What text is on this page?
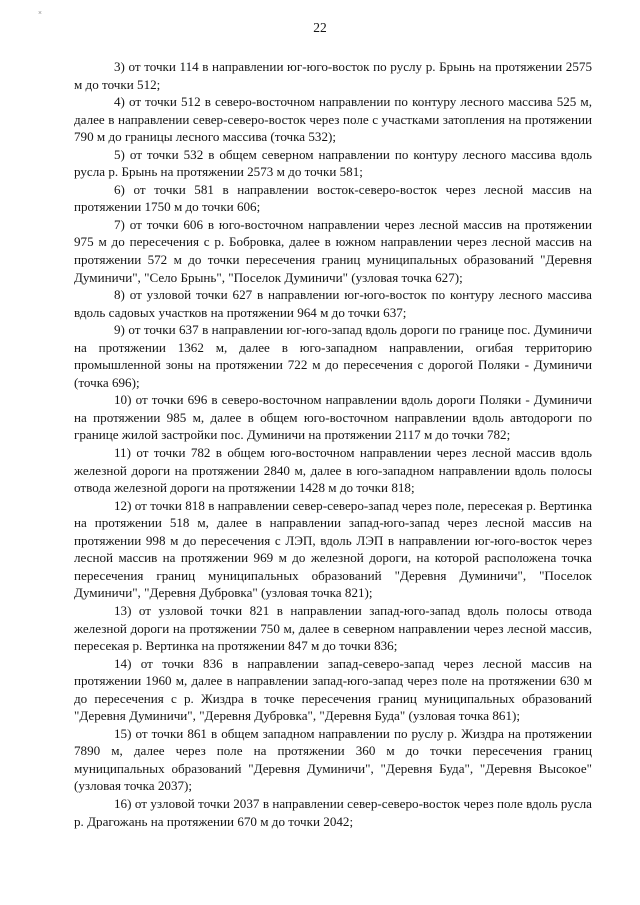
×
22

3) от точки 114 в направлении юг-юго-восток по руслу р. Брынь на протяжении 2575 м до точки 512;

4) от точки 512 в северо-восточном направлении по контуру лесного массива 525 м, далее в направлении север-северо-восток через поле с участками затопления на протяжении 790 м до границы лесного массива (точка 532);

5) от точки 532 в общем северном направлении по контуру лесного массива вдоль русла р. Брынь на протяжении 2573 м до точки 581;

6) от точки 581 в направлении восток-северо-восток через лесной массив на протяжении 1750 м до точки 606;

7) от точки 606 в юго-восточном направлении через лесной массив на протяжении 975 м до пересечения с р. Бобровка, далее в южном направлении через лесной массив на протяжении 572 м до точки пересечения границ муниципальных образований "Деревня Думиничи", "Село Брынь", "Поселок Думиничи" (узловая точка 627);

8) от узловой точки 627 в направлении юг-юго-восток по контуру лесного массива вдоль садовых участков на протяжении 964 м до точки 637;

9) от точки 637 в направлении юг-юго-запад вдоль дороги по границе пос. Думиничи на протяжении 1362 м, далее в юго-западном направлении, огибая территорию промышленной зоны на протяжении 722 м до пересечения с дорогой Поляки - Думиничи (точка 696);

10) от точки 696 в северо-восточном направлении вдоль дороги Поляки - Думиничи на протяжении 985 м, далее в общем юго-восточном направлении вдоль автодороги по границе жилой застройки пос. Думиничи на протяжении 2117 м до точки 782;

11) от точки 782 в общем юго-восточном направлении через лесной массив вдоль железной дороги на протяжении 2840 м, далее в юго-западном направлении вдоль полосы отвода железной дороги на протяжении 1428 м до точки 818;

12) от точки 818 в направлении север-северо-запад через поле, пересекая р. Вертинка на протяжении 518 м, далее в направлении запад-юго-запад через лесной массив на протяжении 998 м до пересечения с ЛЭП, вдоль ЛЭП в направлении юг-юго-восток через лесной массив на протяжении 969 м до железной дороги, на которой расположена точка пересечения границ муниципальных образований "Деревня Думиничи", "Поселок Думиничи", "Деревня Дубровка" (узловая точка 821);

13) от узловой точки 821 в направлении запад-юго-запад вдоль полосы отвода железной дороги на протяжении 750 м, далее в северном направлении через лесной массив, пересекая р. Вертинка на протяжении 847 м до точки 836;

14) от точки 836 в направлении запад-северо-запад через лесной массив на протяжении 1960 м, далее в направлении запад-юго-запад через поле на протяжении 630 м до пересечения с р. Жиздра в точке пересечения границ муниципальных образований "Деревня Думиничи", "Деревня Дубровка", "Деревня Буда" (узловая точка 861);

15) от точки 861 в общем западном направлении по руслу р. Жиздра на протяжении 7890 м, далее через поле на протяжении 360 м до точки пересечения границ муниципальных образований "Деревня Думиничи", "Деревня Буда", "Деревня Высокое" (узловая точка 2037);

16) от узловой точки 2037 в направлении север-северо-восток через поле вдоль русла р. Драгожань на протяжении 670 м до точки 2042;
